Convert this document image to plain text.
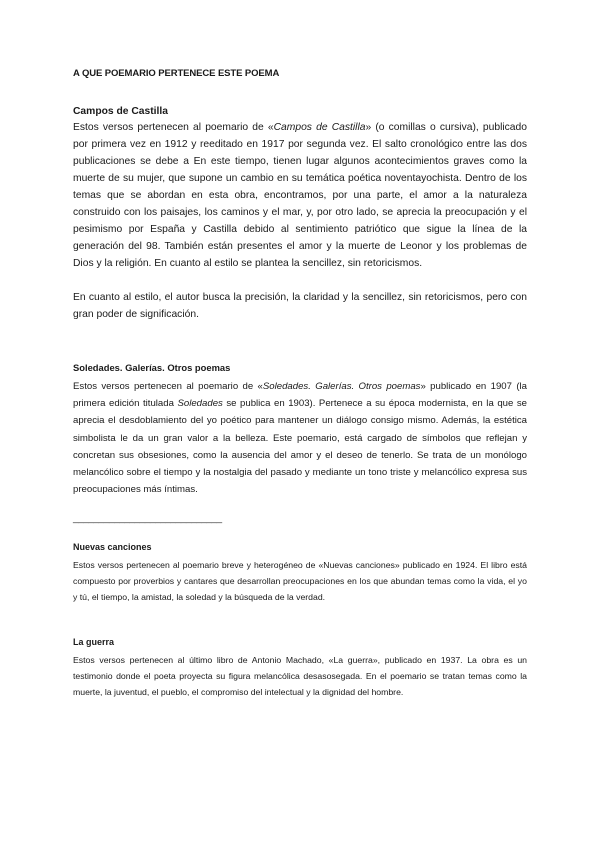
A QUE POEMARIO PERTENECE ESTE POEMA
Campos de Castilla

Estos versos pertenecen al poemario de «Campos de Castilla» (o comillas o cursiva), publicado por primera vez en 1912 y reeditado en 1917 por segunda vez. El salto cronológico entre las dos publicaciones se debe a En este tiempo, tienen lugar algunos acontecimientos graves como la muerte de su mujer, que supone un cambio en su temática poética noventayochista. Dentro de los temas que se abordan en esta obra, encontramos, por una parte, el amor a la naturaleza construido con los paisajes, los caminos y el mar, y, por otro lado, se aprecia la preocupación y el pesimismo por España y Castilla debido al sentimiento patriótico que sigue la línea de la generación del 98. También están presentes el amor y la muerte de Leonor y los problemas de Dios y la religión. En cuanto al estilo se plantea la sencillez, sin retoricismos.

En cuanto al estilo, el autor busca la precisión, la claridad y la sencillez, sin retoricismos, pero con gran poder de significación.

Soledades. Galerías. Otros poemas

Estos versos pertenecen al poemario de «Soledades. Galerías. Otros poemas» publicado en 1907 (la primera edición titulada Soledades se publica en 1903). Pertenece a su época modernista, en la que se aprecia el desdoblamiento del yo poético para mantener un diálogo consigo mismo. Además, la estética simbolista le da un gran valor a la belleza. Este poemario, está cargado de símbolos que reflejan y concretan sus obsesiones, como la ausencia del amor y el deseo de tenerlo. Se trata de un monólogo melancólico sobre el tiempo y la nostalgia del pasado y mediante un tono triste y melancólico expresa sus preocupaciones más íntimas.

_____________________________
Nuevas canciones

Estos versos pertenecen al poemario breve y heterogéneo de «Nuevas canciones» publicado en 1924. El libro está compuesto por proverbios y cantares que desarrollan preocupaciones en los que abundan temas como la vida, el yo y tú, el tiempo, la amistad, la soledad y la búsqueda de la verdad.

La guerra

Estos versos pertenecen al último libro de Antonio Machado, «La guerra», publicado en 1937. La obra es un testimonio donde el poeta proyecta su figura melancólica desasosegada. En el poemario se tratan temas como la muerte, la juventud, el pueblo, el compromiso del intelectual y la dignidad del hombre.
